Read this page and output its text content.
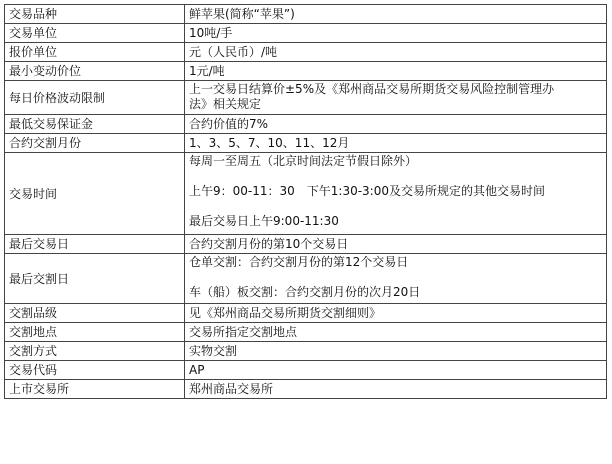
交易品种	鲜苹果(简称“苹果”)

交易单位	10吨/手

报价单位	元（人民币）/吨

最小变动价位	1元/吨

每日价格波动限制	上一交易日结算价±5%及《郑州商品交易所期货交易风险控制管理办
法》相关规定

最低交易保证金	合约价值的7%

合约交割月份	1、3、5、7、10、11、12月

交易时间	每周一至周五（北京时间法定节假日除外）
上午9：00-11：30　下午1:30-3:00及交易所规定的其他交易时间
最后交易日上午9:00-11:30

最后交易日	合约交割月份的第10个交易日

最后交割日	仓单交割：合约交割月份的第12个交易日
车（船）板交割：合约交割月份的次月20日

交割品级	见《郑州商品交易所期货交割细则》

交割地点	交易所指定交割地点

交割方式	实物交割

交易代码	AP

上市交易所	郑州商品交易所
